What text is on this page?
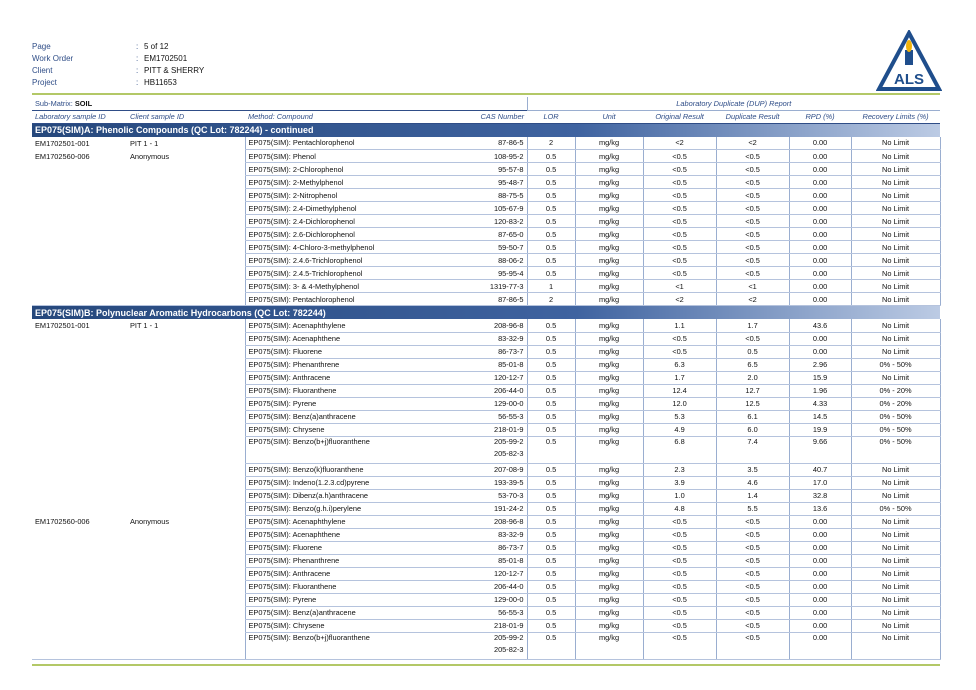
Page	: 5 of 12
Work Order	: EM1702501
Client	: PITT & SHERRY
Project	: HB11653	ALS
Sub-Matrix: SOIL				Laboratory Duplicate (DUP) Report					
Laboratory sample ID	Client sample ID	Method: Compound	CAS Number	LOR	Unit	Original Result	Duplicate Result	RPD (%)	Recovery Limits (%)
EP075(SIM)A: Phenolic Compounds (QC Lot: 782244) - continued									
EM1702501-001	PIT 1 - 1	EP075(SIM): Pentachlorophenol	87-86-5	2	mg/kg	<2	<2	0.00	No Limit
EM1702560-006	Anonymous	EP075(SIM): Phenol	108-95-2	0.5	mg/kg	<0.5	<0.5	0.00	No Limit
		EP075(SIM): 2-Chlorophenol	95-57-8	0.5	mg/kg	<0.5	<0.5	0.00	No Limit
		EP075(SIM): 2-Methylphenol	95-48-7	0.5	mg/kg	<0.5	<0.5	0.00	No Limit
		EP075(SIM): 2-Nitrophenol	88-75-5	0.5	mg/kg	<0.5	<0.5	0.00	No Limit
		EP075(SIM): 2.4-Dimethylphenol	105-67-9	0.5	mg/kg	<0.5	<0.5	0.00	No Limit
		EP075(SIM): 2.4-Dichlorophenol	120-83-2	0.5	mg/kg	<0.5	<0.5	0.00	No Limit
		EP075(SIM): 2.6-Dichlorophenol	87-65-0	0.5	mg/kg	<0.5	<0.5	0.00	No Limit
		EP075(SIM): 4-Chloro-3-methylphenol	59-50-7	0.5	mg/kg	<0.5	<0.5	0.00	No Limit
		EP075(SIM): 2.4.6-Trichlorophenol	88-06-2	0.5	mg/kg	<0.5	<0.5	0.00	No Limit
		EP075(SIM): 2.4.5-Trichlorophenol	95-95-4	0.5	mg/kg	<0.5	<0.5	0.00	No Limit
		EP075(SIM): 3- & 4-Methylphenol	1319-77-3	1	mg/kg	<1	<1	0.00	No Limit
		EP075(SIM): Pentachlorophenol	87-86-5	2	mg/kg	<2	<2	0.00	No Limit
EP075(SIM)B: Polynuclear Aromatic Hydrocarbons (QC Lot: 782244)									
EM1702501-001	PIT 1 - 1	EP075(SIM): Acenaphthylene	208-96-8	0.5	mg/kg	1.1	1.7	43.6	No Limit
		EP075(SIM): Acenaphthene	83-32-9	0.5	mg/kg	<0.5	<0.5	0.00	No Limit
		EP075(SIM): Fluorene	86-73-7	0.5	mg/kg	<0.5	0.5	0.00	No Limit
		EP075(SIM): Phenanthrene	85-01-8	0.5	mg/kg	6.3	6.5	2.96	0% - 50%
		EP075(SIM): Anthracene	120-12-7	0.5	mg/kg	1.7	2.0	15.9	No Limit
		EP075(SIM): Fluoranthene	206-44-0	0.5	mg/kg	12.4	12.7	1.96	0% - 20%
		EP075(SIM): Pyrene	129-00-0	0.5	mg/kg	12.0	12.5	4.33	0% - 20%
		EP075(SIM): Benz(a)anthracene	56-55-3	0.5	mg/kg	5.3	6.1	14.5	0% - 50%
		EP075(SIM): Chrysene	218-01-9	0.5	mg/kg	4.9	6.0	19.9	0% - 50%
		EP075(SIM): Benzo(b+j)fluoranthene	205-99-2
205-82-3	0.5	mg/kg	6.8	7.4	9.66	0% - 50%
		EP075(SIM): Benzo(k)fluoranthene	207-08-9	0.5	mg/kg	2.3	3.5	40.7	No Limit
		EP075(SIM): Indeno(1.2.3.cd)pyrene	193-39-5	0.5	mg/kg	3.9	4.6	17.0	No Limit
		EP075(SIM): Dibenz(a.h)anthracene	53-70-3	0.5	mg/kg	1.0	1.4	32.8	No Limit
		EP075(SIM): Benzo(g.h.i)perylene	191-24-2	0.5	mg/kg	4.8	5.5	13.6	0% - 50%
EM1702560-006	Anonymous	EP075(SIM): Acenaphthylene	208-96-8	0.5	mg/kg	<0.5	<0.5	0.00	No Limit
		EP075(SIM): Acenaphthene	83-32-9	0.5	mg/kg	<0.5	<0.5	0.00	No Limit
		EP075(SIM): Fluorene	86-73-7	0.5	mg/kg	<0.5	<0.5	0.00	No Limit
		EP075(SIM): Phenanthrene	85-01-8	0.5	mg/kg	<0.5	<0.5	0.00	No Limit
		EP075(SIM): Anthracene	120-12-7	0.5	mg/kg	<0.5	<0.5	0.00	No Limit
		EP075(SIM): Fluoranthene	206-44-0	0.5	mg/kg	<0.5	<0.5	0.00	No Limit
		EP075(SIM): Pyrene	129-00-0	0.5	mg/kg	<0.5	<0.5	0.00	No Limit
		EP075(SIM): Benz(a)anthracene	56-55-3	0.5	mg/kg	<0.5	<0.5	0.00	No Limit
		EP075(SIM): Chrysene	218-01-9	0.5	mg/kg	<0.5	<0.5	0.00	No Limit
		EP075(SIM): Benzo(b+j)fluoranthene	205-99-2
205-82-3	0.5	mg/kg	<0.5	<0.5	0.00	No Limit
